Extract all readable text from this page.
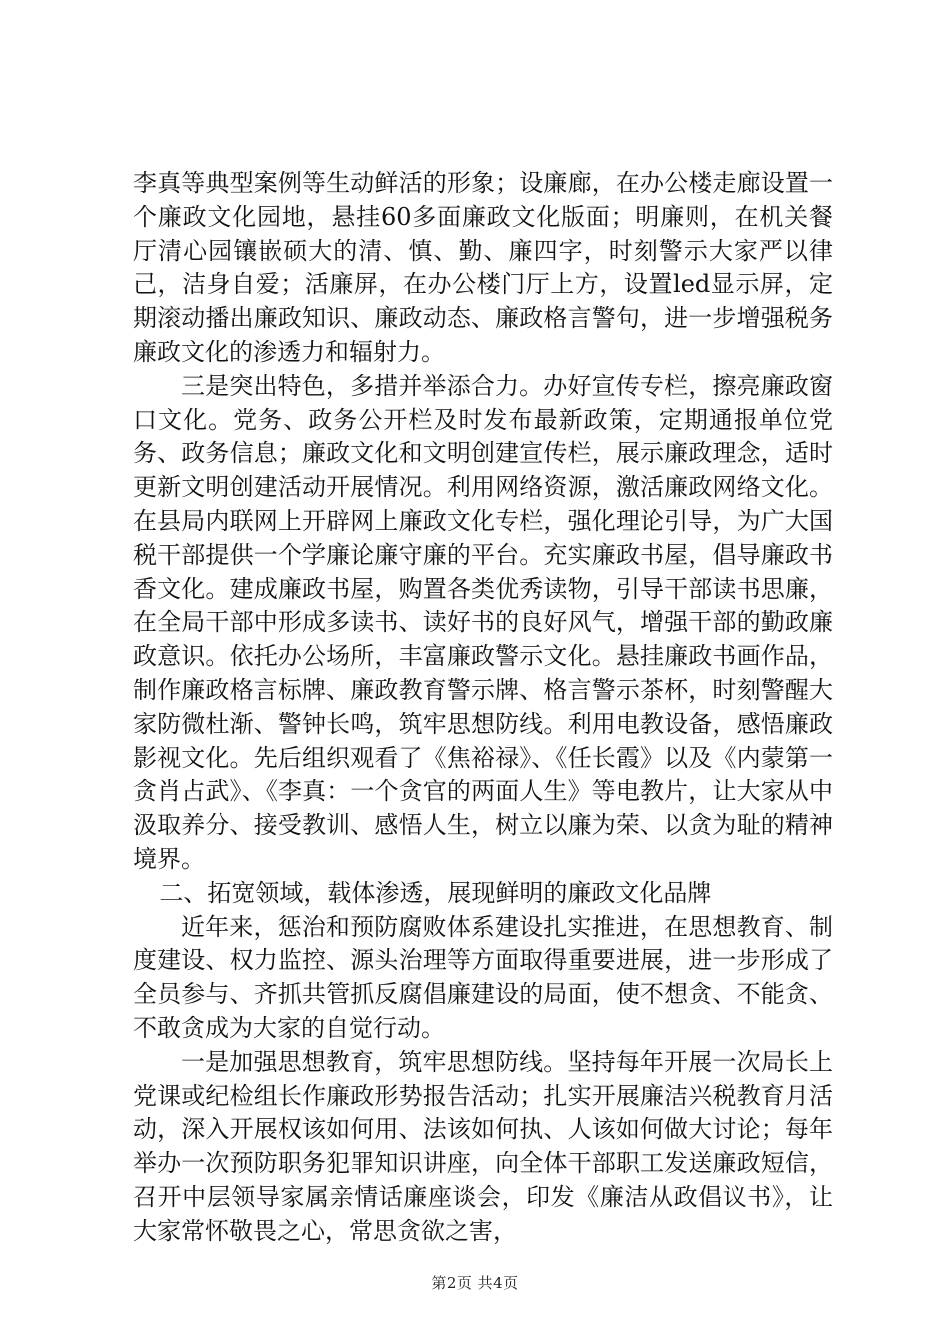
李真等典型案例等生动鲜活的形象；设廉廊，在办公楼走廊设置一个廉政文化园地，悬挂60多面廉政文化版面；明廉则，在机关餐厅清心园镶嵌硕大的清、慎、勤、廉四字，时刻警示大家严以律己，洁身自爱；活廉屏，在办公楼门厅上方，设置led显示屏，定期滚动播出廉政知识、廉政动态、廉政格言警句，进一步增强税务廉政文化的渗透力和辐射力。

三是突出特色，多措并举添合力。办好宣传专栏，擦亮廉政窗口文化。党务、政务公开栏及时发布最新政策，定期通报单位党务、政务信息；廉政文化和文明创建宣传栏，展示廉政理念，适时更新文明创建活动开展情况。利用网络资源，激活廉政网络文化。在县局内联网上开辟网上廉政文化专栏，强化理论引导，为广大国税干部提供一个学廉论廉守廉的平台。充实廉政书屋，倡导廉政书香文化。建成廉政书屋，购置各类优秀读物，引导干部读书思廉，在全局干部中形成多读书、读好书的良好风气，增强干部的勤政廉政意识。依托办公场所，丰富廉政警示文化。悬挂廉政书画作品，制作廉政格言标牌、廉政教育警示牌、格言警示茶杯，时刻警醒大家防微杜渐、警钟长鸣，筑牢思想防线。利用电教设备，感悟廉政影视文化。先后组织观看了《焦裕禄》、《任长霞》以及《内蒙第一贪肖占武》、《李真：一个贪官的两面人生》等电教片，让大家从中汲取养分、接受教训、感悟人生，树立以廉为荣、以贪为耻的精神境界。

二、拓宽领域，载体渗透，展现鲜明的廉政文化品牌

近年来，惩治和预防腐败体系建设扎实推进，在思想教育、制度建设、权力监控、源头治理等方面取得重要进展，进一步形成了全员参与、齐抓共管抓反腐倡廉建设的局面，使不想贪、不能贪、不敢贪成为大家的自觉行动。

一是加强思想教育，筑牢思想防线。坚持每年开展一次局长上党课或纪检组长作廉政形势报告活动；扎实开展廉洁兴税教育月活动，深入开展权该如何用、法该如何执、人该如何做大讨论；每年举办一次预防职务犯罪知识讲座，向全体干部职工发送廉政短信，召开中层领导家属亲情话廉座谈会，印发《廉洁从政倡议书》，让大家常怀敬畏之心，常思贪欲之害，

第2页 共4页
